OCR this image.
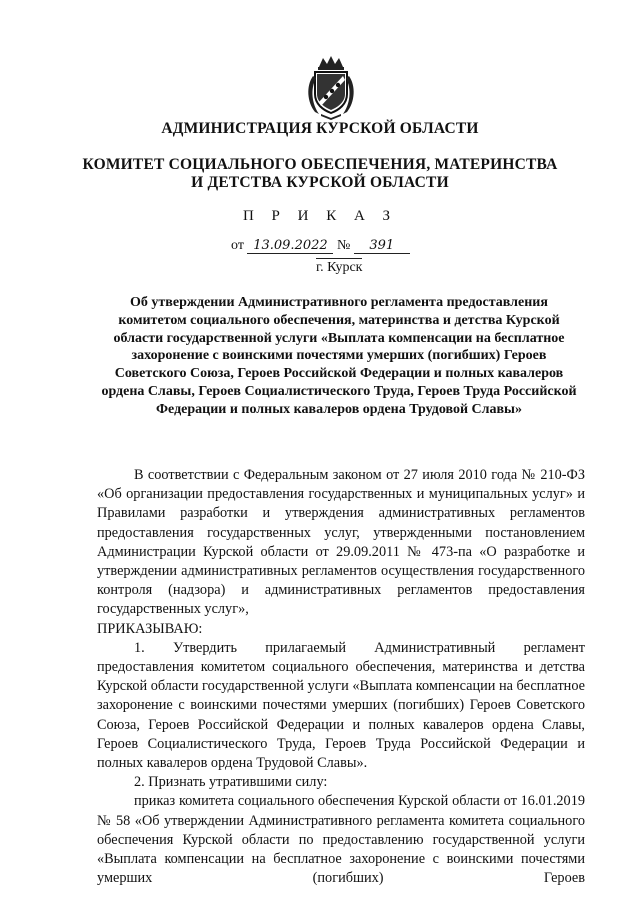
АДМИНИСТРАЦИЯ КУРСКОЙ ОБЛАСТИ
КОМИТЕТ СОЦИАЛЬНОГО ОБЕСПЕЧЕНИЯ, МАТЕРИНСТВА
И ДЕТСТВА КУРСКОЙ ОБЛАСТИ
П Р И К А З
от 13.09.2022 № 391
г. Курск
Об утверждении Административного регламента предоставления комитетом социального обеспечения, материнства и детства Курской области государственной услуги «Выплата компенсации на бесплатное захоронение с воинскими почестями умерших (погибших) Героев Советского Союза, Героев Российской Федерации и полных кавалеров ордена Славы, Героев Социалистического Труда, Героев Труда Российской Федерации и полных кавалеров ордена Трудовой Славы»

В соответствии с Федеральным законом от 27 июля 2010 года № 210-ФЗ «Об организации предоставления государственных и муниципальных услуг» и Правилами разработки и утверждения административных регламентов предоставления государственных услуг, утвержденными постановлением Администрации Курской области от 29.09.2011 № 473-па «О разработке и утверждении административных регламентов осуществления государственного контроля (надзора) и административных регламентов предоставления государственных услуг»,

ПРИКАЗЫВАЮ:

1. Утвердить прилагаемый Административный регламент предоставления комитетом социального обеспечения, материнства и детства Курской области государственной услуги «Выплата компенсации на бесплатное захоронение с воинскими почестями умерших (погибших) Героев Советского Союза, Героев Российской Федерации и полных кавалеров ордена Славы, Героев Социалистического Труда, Героев Труда Российской Федерации и полных кавалеров ордена Трудовой Славы».

2. Признать утратившими силу:

приказ комитета социального обеспечения Курской области от 16.01.2019 № 58 «Об утверждении Административного регламента комитета социального обеспечения Курской области по предоставлению государственной услуги «Выплата компенсации на бесплатное захоронение с воинскими почестями умерших (погибших) Героев
